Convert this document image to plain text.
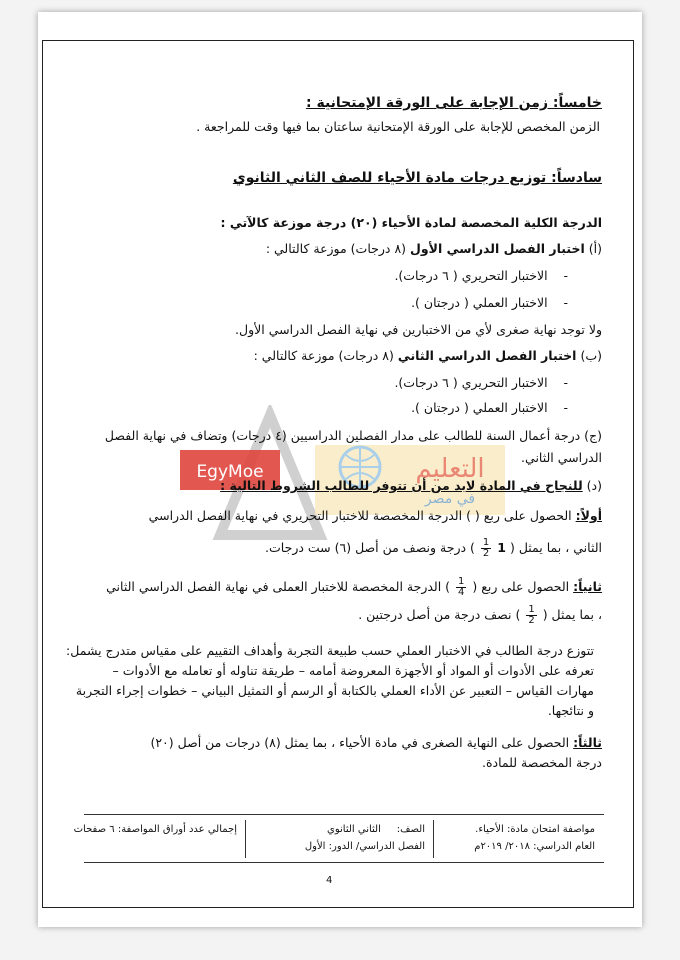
EgyMoe	التعليم
في مصر
خامساً: زمن الإجابة على الورقة الإمتحانية :
الزمن المخصص للإجابة على الورقة الإمتحانية ساعتان بما فيها وقت للمراجعة .
سادساً: توزيع درجات مادة الأحياء للصف الثاني الثانوي
الدرجة الكلية المخصصة لمادة الأحياء (٢٠) درجة موزعة كالآتي :
(أ) اختبار الفصل الدراسي الأول (٨ درجات) موزعة كالتالي :
-    الاختبار التحريري ( ٦ درجات).
-    الاختبار العملي ( درجتان ).
ولا توجد نهاية صغرى لأي من الاختبارين في نهاية الفصل الدراسي الأول.
(ب) اختبار الفصل الدراسي الثاني (٨ درجات) موزعة كالتالي :
-    الاختبار التحريري ( ٦ درجات).
-    الاختبار العملي ( درجتان ).
(ج) درجة أعمال السنة للطالب على مدار الفصلين الدراسيين (٤ درجات) وتضاف في نهاية الفصل
الدراسي الثاني.
(د) للنجاح في المادة لابد من أن تتوفر للطالب الشروط التالية :
أولاً: الحصول على ربع ( ) الدرجة المخصصة للاختبار التحريري في نهاية الفصل الدراسي
الثاني ، بما يمثل ( 1
$\frac{1}{2}$ ) درجة ونصف من أصل (٦) ست درجات.
ثانياً: الحصول على ربع (
$\frac{1}{4}$ ) الدرجة المخصصة للاختبار العملى في نهاية الفصل الدراسي الثاني
، بما يمثل (
$\frac{1}{2}$ ) نصف درجة من أصل درجتين .
تتوزع درجة الطالب في الاختبار العملي حسب طبيعة التجربة وأهداف التقييم على مقياس متدرج يشمل:
تعرفه على الأدوات أو المواد أو الأجهزة المعروضة أمامه – طريقة تناوله أو تعامله مع الأدوات –
مهارات القياس – التعبير عن الأداء العملي بالكتابة أو الرسم أو التمثيل البياني – خطوات إجراء التجربة
و نتائجها.
ثالثاً: الحصول على النهاية الصغرى في مادة الأحياء ، بما يمثل (٨) درجات من أصل (٢٠)
درجة المخصصة للمادة.
مواصفة امتحان مادة: الأحياء.
العام الدراسي: ٢٠١٨/ ٢٠١٩م
الصف:     الثاني الثانوي
الفصل الدراسي/ الدور: الأول
إجمالي عدد أوراق المواصفة: ٦ صفحات
4
